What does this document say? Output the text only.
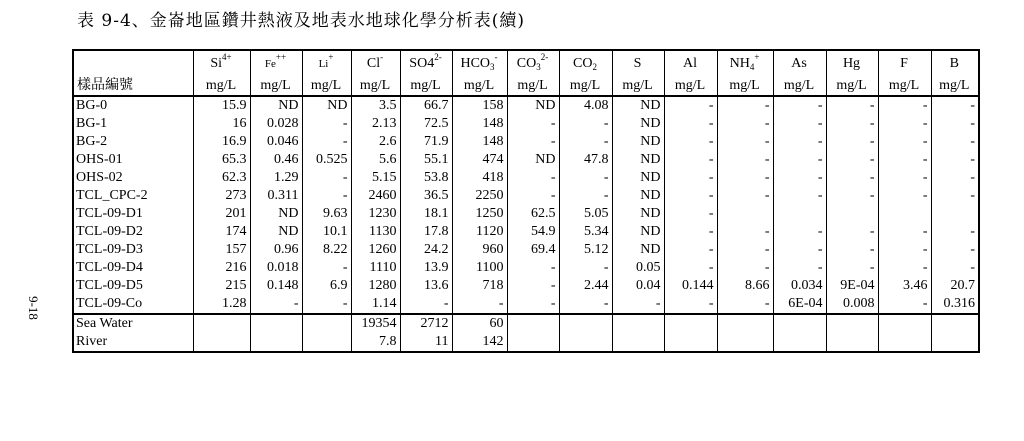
表 9-4、金崙地區鑽井熱液及地表水地球化學分析表(續)
9-18
	$Si^{4+}$	Fe++	Li+	Cl-	$SO4^{2-}$	$HCO_3^-$	$CO_3^{2-}$	$CO_2$	S	Al	$NH_4^+$	As	Hg	F	B
樣品編號	mg/L	mg/L	mg/L	mg/L	mg/L	mg/L	mg/L	mg/L	mg/L	mg/L	mg/L	mg/L	mg/L	mg/L	mg/L
BG-0	15.9	ND	ND	3.5	66.7	158	ND	4.08	ND	-	-	-	-	-	-
BG-1	16	0.028	-	2.13	72.5	148	-	-	ND	-	-	-	-	-	-
BG-2	16.9	0.046	-	2.6	71.9	148	-	-	ND	-	-	-	-	-	-
OHS-01	65.3	0.46	0.525	5.6	55.1	474	ND	47.8	ND	-	-	-	-	-	-
OHS-02	62.3	1.29	-	5.15	53.8	418	-	-	ND	-	-	-	-	-	-
TCL_CPC-2	273	0.311	-	2460	36.5	2250	-	-	ND	-	-	-	-	-	-
TCL-09-D1	201	ND	9.63	1230	18.1	1250	62.5	5.05	ND	-					
TCL-09-D2	174	ND	10.1	1130	17.8	1120	54.9	5.34	ND	-	-	-	-	-	-
TCL-09-D3	157	0.96	8.22	1260	24.2	960	69.4	5.12	ND	-	-	-	-	-	-
TCL-09-D4	216	0.018	-	1110	13.9	1100	-	-	0.05	-	-	-	-	-	-
TCL-09-D5	215	0.148	6.9	1280	13.6	718	-	2.44	0.04	0.144	8.66	0.034	9E-04	3.46	20.7
TCL-09-Co	1.28	-	-	1.14	-	-	-	-	-	-	-	6E-04	0.008	-	0.316
Sea Water				19354	2712	60									
River				7.8	11	142									
